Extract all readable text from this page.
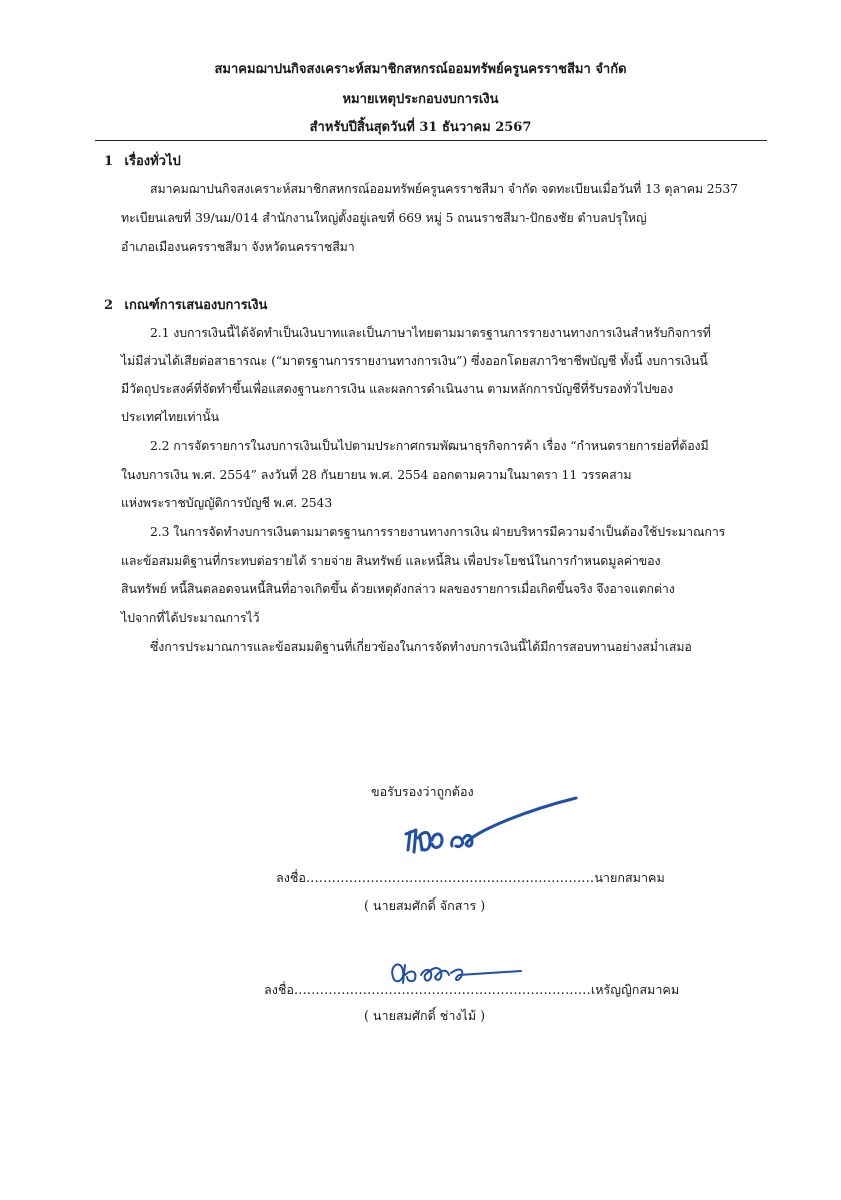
สมาคมฌาปนกิจสงเคราะห์สมาชิกสหกรณ์ออมทรัพย์ครูนครราชสีมา จำกัด
หมายเหตุประกอบงบการเงิน
สำหรับปีสิ้นสุดวันที่ 31 ธันวาคม 2567
1 เรื่องทั่วไป
สมาคมฌาปนกิจสงเคราะห์สมาชิกสหกรณ์ออมทรัพย์ครูนครราชสีมา จำกัด จดทะเบียนเมื่อวันที่ 13 ตุลาคม 2537
ทะเบียนเลขที่ 39/นม/014 สำนักงานใหญ่ตั้งอยู่เลขที่ 669 หมู่ 5 ถนนราชสีมา-ปักธงชัย ตำบลปรุใหญ่
อำเภอเมืองนครราชสีมา จังหวัดนครราชสีมา
2 เกณฑ์การเสนองบการเงิน
2.1 งบการเงินนี้ได้จัดทำเป็นเงินบาทและเป็นภาษาไทยตามมาตรฐานการรายงานทางการเงินสำหรับกิจการที่
ไม่มีส่วนได้เสียต่อสาธารณะ (“มาตรฐานการรายงานทางการเงิน”) ซึ่งออกโดยสภาวิชาชีพบัญชี ทั้งนี้ งบการเงินนี้
มีวัตถุประสงค์ที่จัดทำขึ้นเพื่อแสดงฐานะการเงิน และผลการดำเนินงาน ตามหลักการบัญชีที่รับรองทั่วไปของ
ประเทศไทยเท่านั้น
2.2 การจัดรายการในงบการเงินเป็นไปตามประกาศกรมพัฒนาธุรกิจการค้า เรื่อง “กำหนดรายการย่อที่ต้องมี
ในงบการเงิน พ.ศ. 2554” ลงวันที่ 28 กันยายน พ.ศ. 2554 ออกตามความในมาตรา 11 วรรคสาม
แห่งพระราชบัญญัติการบัญชี พ.ศ. 2543
2.3 ในการจัดทำงบการเงินตามมาตรฐานการรายงานทางการเงิน ฝ่ายบริหารมีความจำเป็นต้องใช้ประมาณการ
และข้อสมมติฐานที่กระทบต่อรายได้ รายจ่าย สินทรัพย์ และหนี้สิน เพื่อประโยชน์ในการกำหนดมูลค่าของ
สินทรัพย์ หนี้สินตลอดจนหนี้สินที่อาจเกิดขึ้น ด้วยเหตุดังกล่าว ผลของรายการเมื่อเกิดขึ้นจริง จึงอาจแตกต่าง
ไปจากที่ได้ประมาณการไว้
ซึ่งการประมาณการและข้อสมมติฐานที่เกี่ยวข้องในการจัดทำงบการเงินนี้ได้มีการสอบทานอย่างสม่ำเสมอ
ขอรับรองว่าถูกต้อง
ลงชื่อ...................................................................นายกสมาคม
( นายสมศักดิ์ จักสาร )
ลงชื่อ.....................................................................เหรัญญิกสมาคม
( นายสมศักดิ์ ช่างไม้ )
